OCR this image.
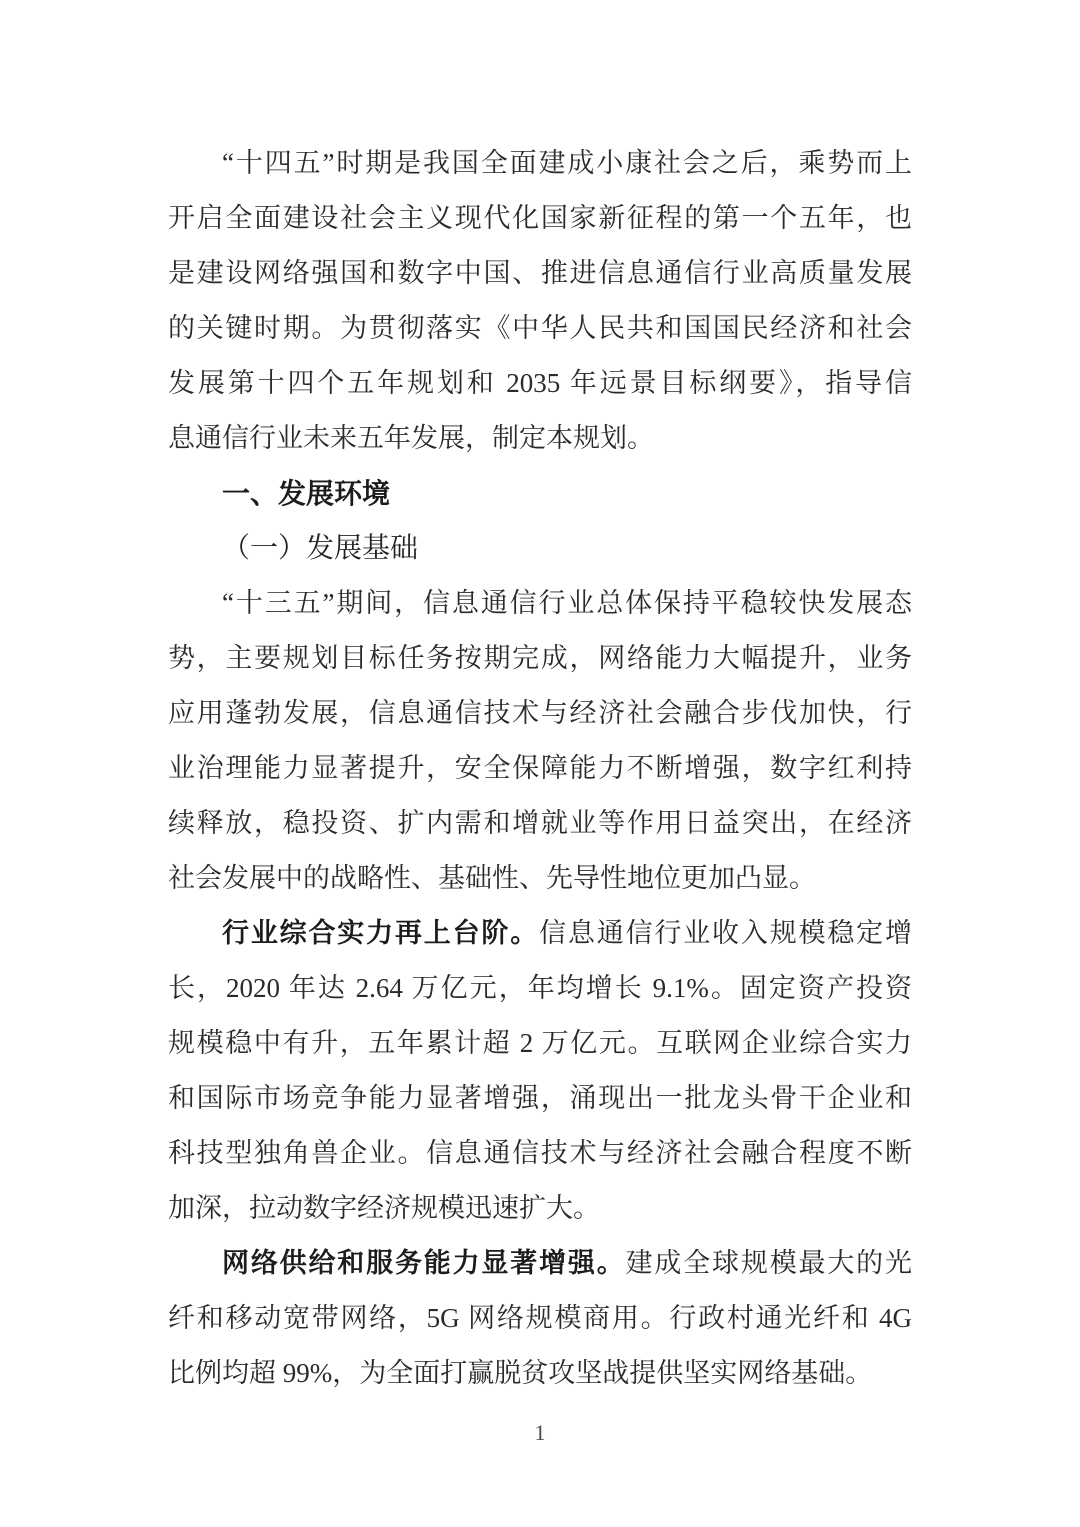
“十四五”时期是我国全面建成小康社会之后，乘势而上
开启全面建设社会主义现代化国家新征程的第一个五年，也
是建设网络强国和数字中国、推进信息通信行业高质量发展
的关键时期。为贯彻落实《中华人民共和国国民经济和社会
发展第十四个五年规划和 2035 年远景目标纲要》，指导信
息通信行业未来五年发展，制定本规划。
一、发展环境
（一）发展基础
“十三五”期间，信息通信行业总体保持平稳较快发展态
势，主要规划目标任务按期完成，网络能力大幅提升，业务
应用蓬勃发展，信息通信技术与经济社会融合步伐加快，行
业治理能力显著提升，安全保障能力不断增强，数字红利持
续释放，稳投资、扩内需和增就业等作用日益突出，在经济
社会发展中的战略性、基础性、先导性地位更加凸显。
行业综合实力再上台阶。信息通信行业收入规模稳定增
长，2020 年达 2.64 万亿元，年均增长 9.1%。固定资产投资
规模稳中有升，五年累计超 2 万亿元。互联网企业综合实力
和国际市场竞争能力显著增强，涌现出一批龙头骨干企业和
科技型独角兽企业。信息通信技术与经济社会融合程度不断
加深，拉动数字经济规模迅速扩大。
网络供给和服务能力显著增强。建成全球规模最大的光
纤和移动宽带网络，5G 网络规模商用。行政村通光纤和 4G
比例均超 99%，为全面打赢脱贫攻坚战提供坚实网络基础。
1
